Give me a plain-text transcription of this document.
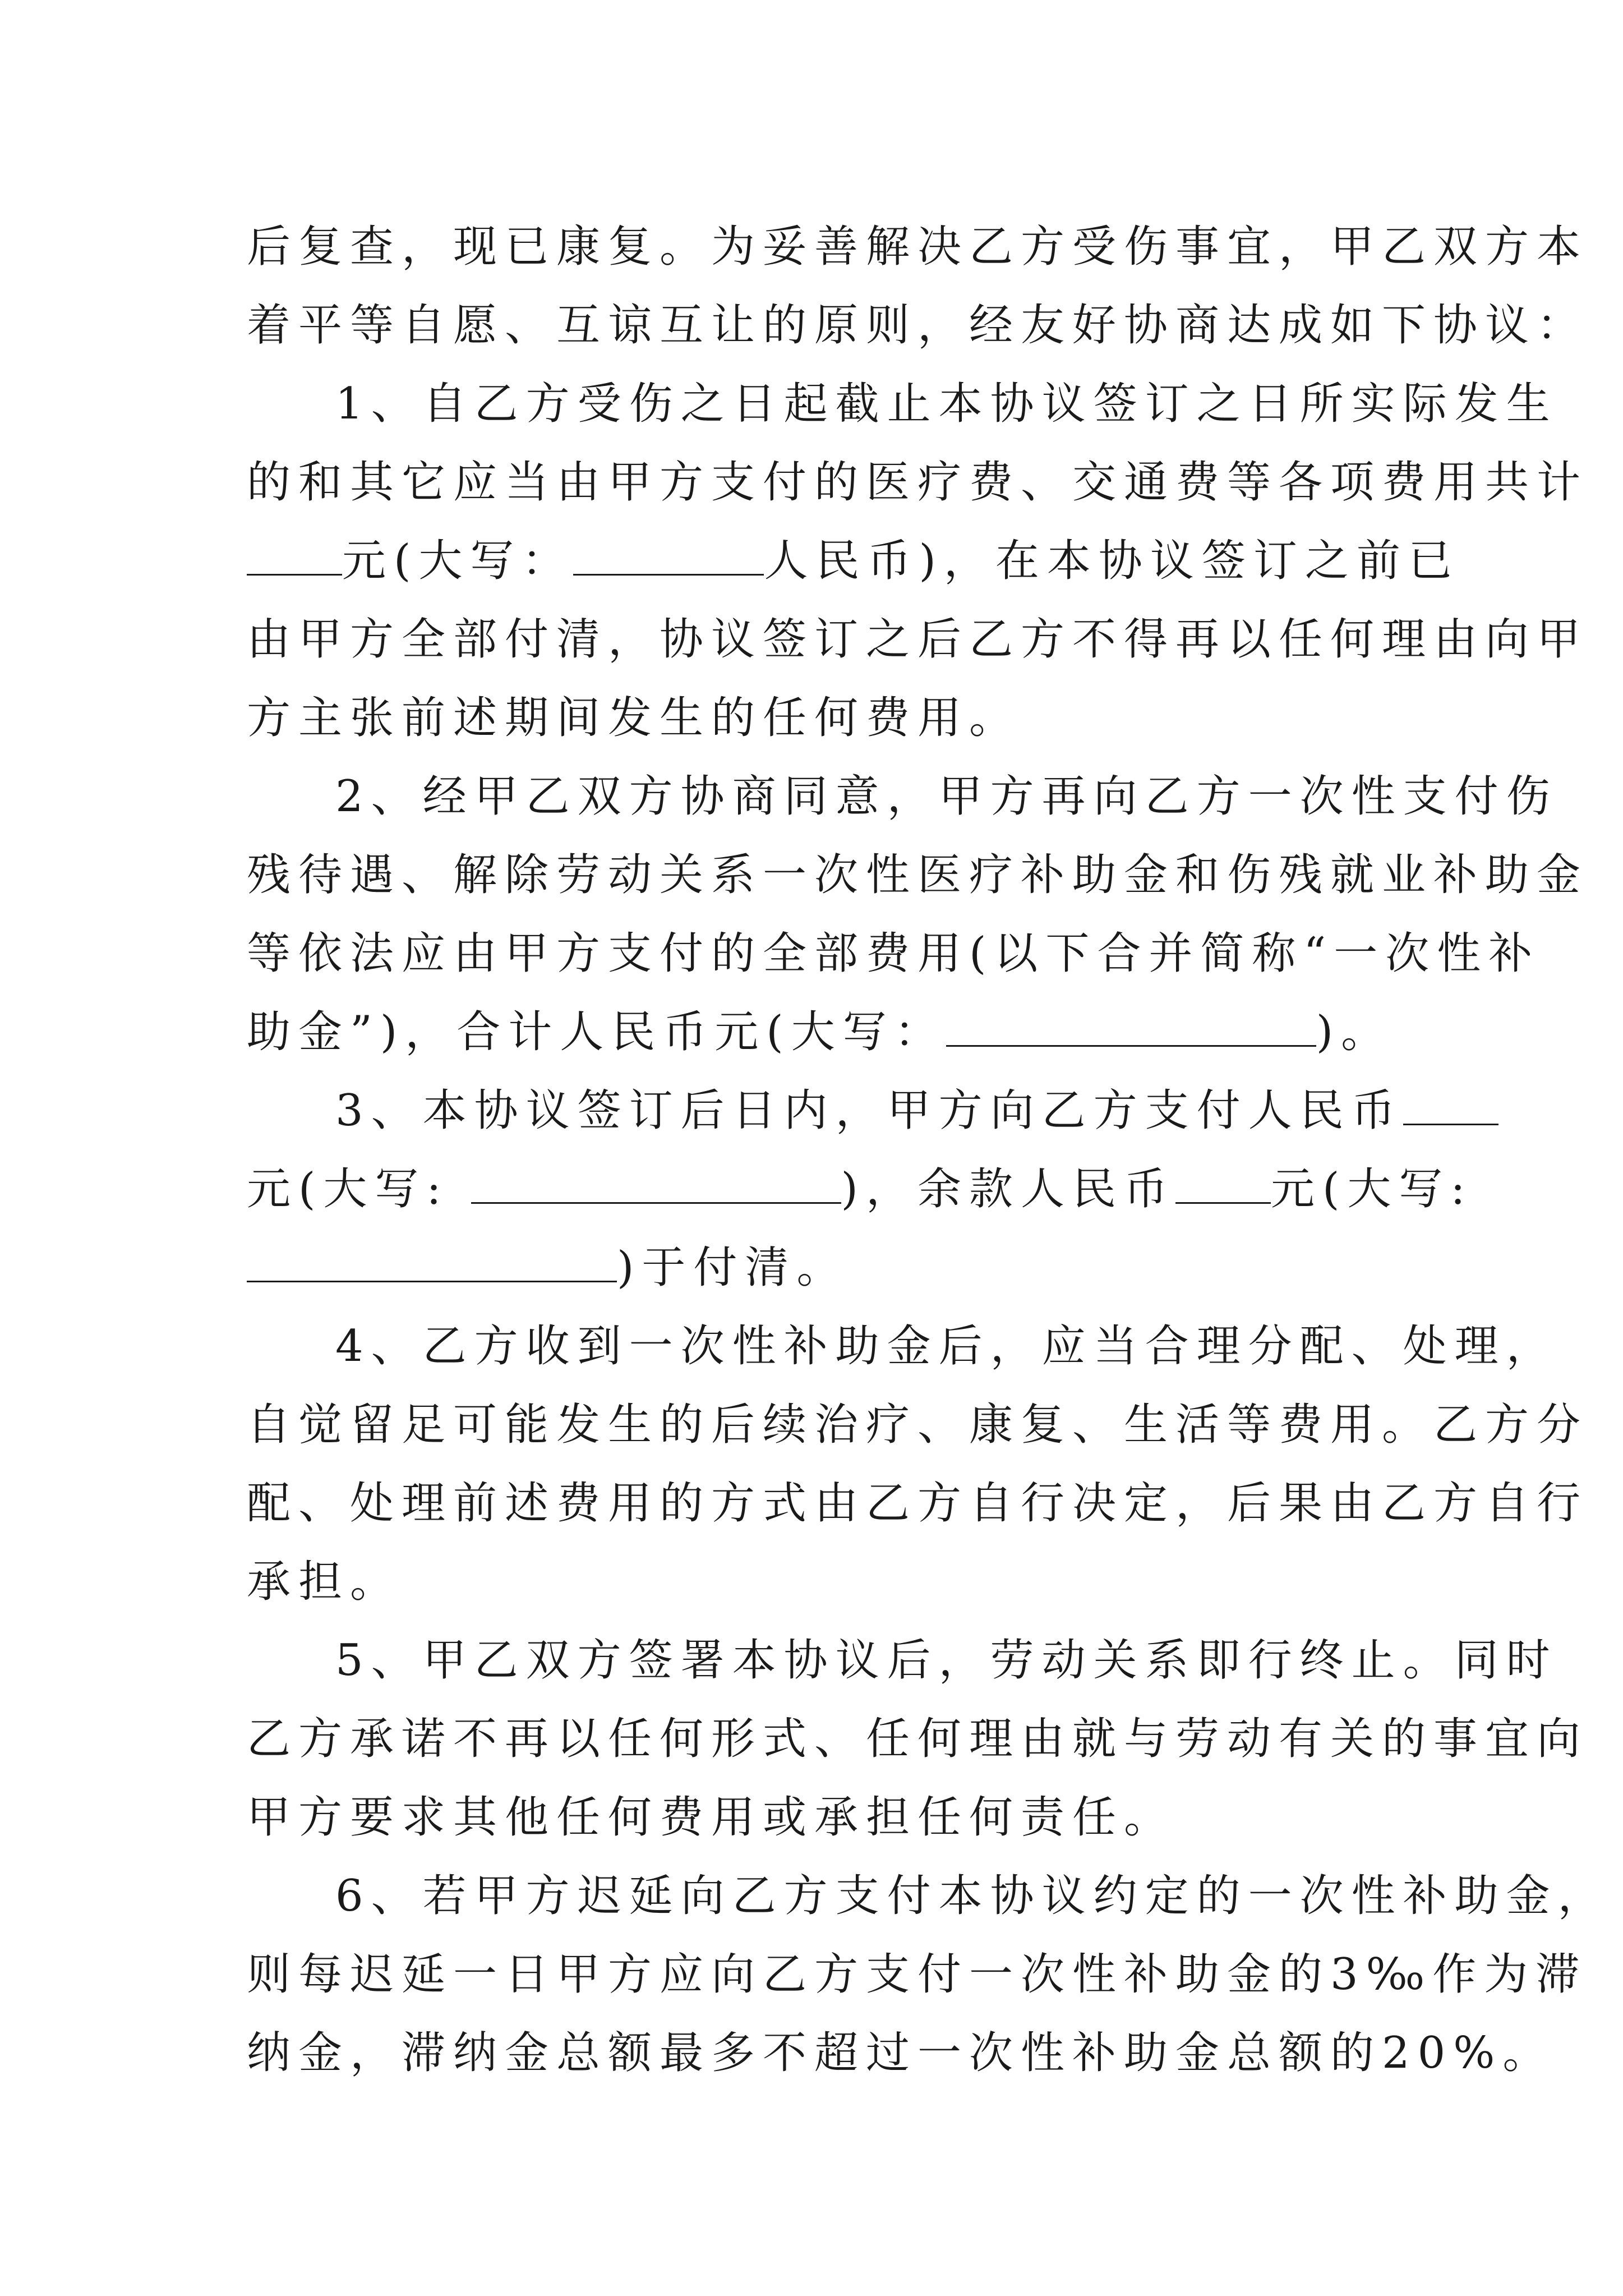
后复查，现已康复。为妥善解决乙方受伤事宜，甲乙双方本
着平等自愿、互谅互让的原则，经友好协商达成如下协议：
1、自乙方受伤之日起截止本协议签订之日所实际发生
的和其它应当由甲方支付的医疗费、交通费等各项费用共计
元(大写：	人民币)，在本协议签订之前已
由甲方全部付清，协议签订之后乙方不得再以任何理由向甲
方主张前述期间发生的任何费用。
2、经甲乙双方协商同意，甲方再向乙方一次性支付伤
残待遇、解除劳动关系一次性医疗补助金和伤残就业补助金
等依法应由甲方支付的全部费用(以下合并简称“一次性补
助金”)，合计人民币元(大写：	)。
3、本协议签订后日内，甲方向乙方支付人民币
元(大写:	)，余款人民币 元(大写:
)于付清。
4、乙方收到一次性补助金后，应当合理分配、处理，
自觉留足可能发生的后续治疗、康复、生活等费用。乙方分
配、处理前述费用的方式由乙方自行决定，后果由乙方自行
承担。
5、甲乙双方签署本协议后，劳动关系即行终止。同时
乙方承诺不再以任何形式、任何理由就与劳动有关的事宜向
甲方要求其他任何费用或承担任何责任。
6、若甲方迟延向乙方支付本协议约定的一次性补助金，
则每迟延一日甲方应向乙方支付一次性补助金的3‰作为滞
纳金，滞纳金总额最多不超过一次性补助金总额的20%。
